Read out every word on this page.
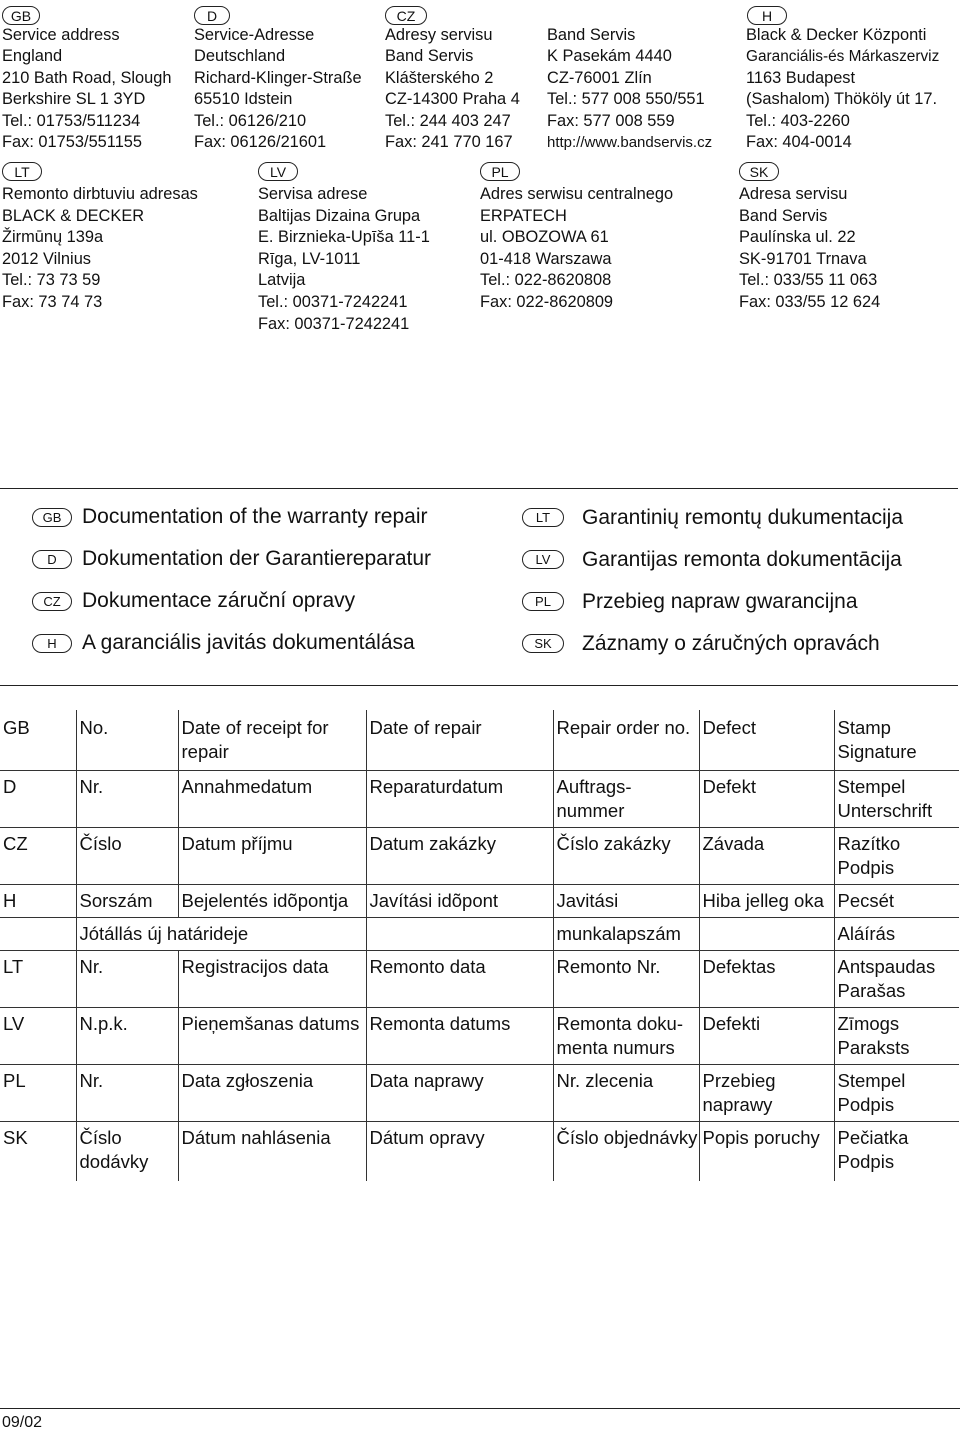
GB
Service address
England
210 Bath Road, Slough
Berkshire SL 1 3YD
Tel.: 01753/511234
Fax: 01753/551155
D
Service-Adresse
Deutschland
Richard-Klinger-Straße
65510 Idstein
Tel.: 06126/210
Fax: 06126/21601
CZ
Adresy servisu
Band Servis
Klášterského 2
CZ-14300 Praha 4
Tel.: 244 403 247
Fax: 241 770 167
Band Servis
K Pasekám 4440
CZ-76001 Zlín
Tel.: 577 008 550/551
Fax: 577 008 559
http://www.bandservis.cz
H
Black & Decker Központi
Garanciális-és Márkaszerviz
1163 Budapest
(Sashalom) Thököly út 17.
Tel.: 403-2260
Fax: 404-0014
LT
Remonto dirbtuviu adresas
BLACK & DECKER
Žirmūnų 139a
2012 Vilnius
Tel.: 73 73 59
Fax: 73 74 73
LV
Servisa adrese
Baltijas Dizaina Grupa
E. Birznieka-Upīša 11-1
Rīga, LV-1011
Latvija
Tel.: 00371-7242241
Fax: 00371-7242241
PL
Adres serwisu centralnego
ERPATECH
ul. OBOZOWA 61
01-418 Warszawa
Tel.: 022-8620808
Fax: 022-8620809
SK
Adresa servisu
Band Servis
Paulínska ul. 22
SK-91701 Trnava
Tel.: 033/55 11 063
Fax: 033/55 12 624
GB Documentation of the warranty repair
D	Dokumentation der Garantiereparatur
CZ	Dokumentace záruční opravy
H	A garanciális javitás dokumentálása
LT	Garantinių remontų dukumentacija
LV	Garantijas remonta dokumentācija
PL	Przebieg napraw gwarancijna
SK	Záznamy o záručných opravách
GB	No.	Date of receipt for repair	Date of repair	Repair order no.	Defect	Stamp Signature
D	Nr.	Annahmedatum	Reparaturdatum	Auftrags-nummer	Defekt	Stempel Unterschrift
CZ	Číslo	Datum příjmu	Datum zakázky	Číslo zakázky	Závada	Razítko Podpis
H	Sorszám	Bejelentés idõpontja	Javítási idõpont	Javitási	Hiba jelleg oka	Pecsét
	Jótállás új határideje			munkalapszám		Aláírás
LT	Nr.	Registracijos data	Remonto data	Remonto Nr.	Defektas	Antspaudas Parašas
LV	N.p.k.	Pieņemšanas datums	Remonta datums	Remonta doku-menta numurs	Defekti	Zīmogs Paraksts
PL	Nr.	Data zgłoszenia	Data naprawy	Nr. zlecenia	Przebieg naprawy	Stempel Podpis
SK	Číslo dodávky	Dátum nahlásenia	Dátum opravy	Číslo objednávky	Popis poruchy	Pečiatka Podpis
09/02
